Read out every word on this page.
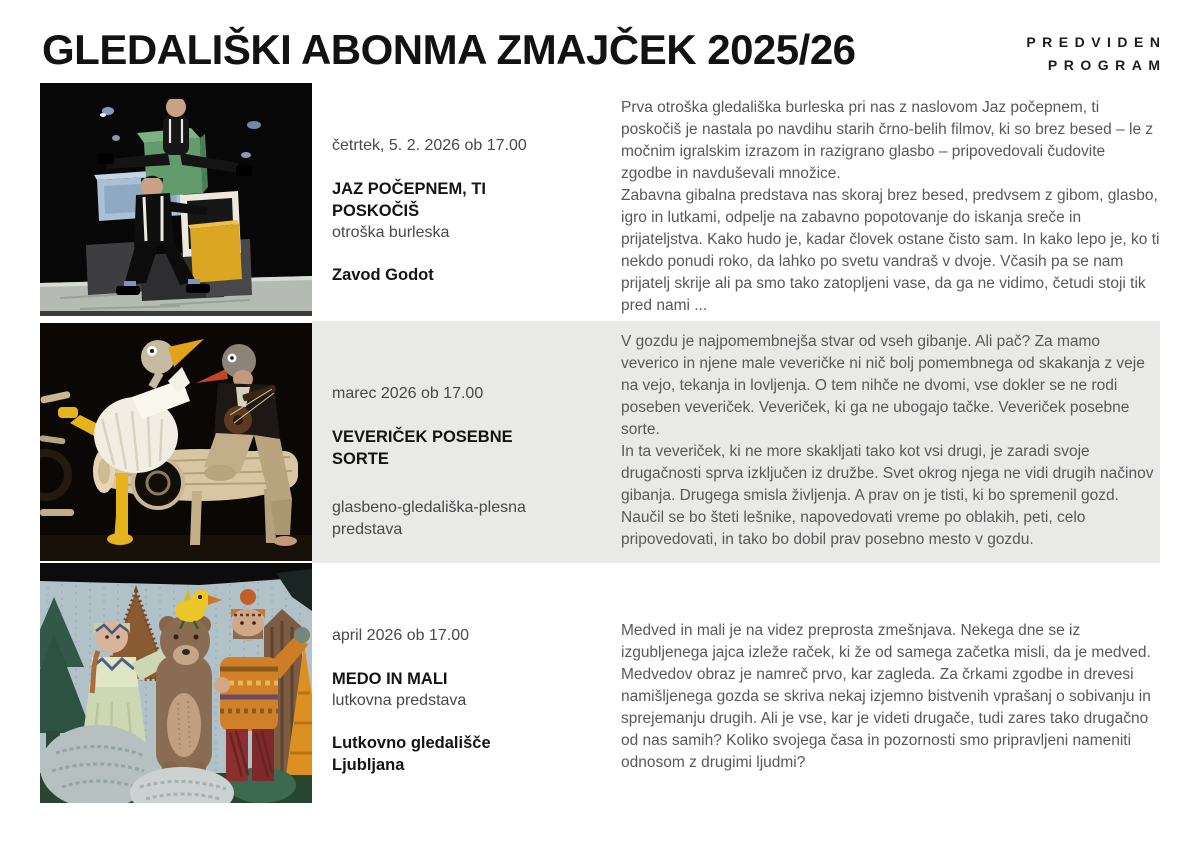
GLEDALIŠKI ABONMA ZMAJČEK 2025/26	PREDVIDEN
PROGRAM
četrtek, 5. 2. 2026 ob 17.00
JAZ POČEPNEM, TI POSKOČIŠ
otroška burleska
Zavod Godot

Prva otroška gledališka burleska pri nas z naslovom Jaz počepnem, ti poskočiš je nastala po navdihu starih črno-belih filmov, ki so brez besed – le z močnim igralskim izrazom in razigrano glasbo – pripovedovali čudovite zgodbe in navduševali množice.

Zabavna gibalna predstava nas skoraj brez besed, predvsem z gibom, glasbo, igro in lutkami, odpelje na zabavno popotovanje do iskanja sreče in prijateljstva. Kako hudo je, kadar človek ostane čisto sam. In kako lepo je, ko ti nekdo ponudi roko, da lahko po svetu vandraš v dvoje. Včasih pa se nam prijatelj skrije ali pa smo tako zatopljeni vase, da ga ne vidimo, četudi stoji tik pred nami ...

marec 2026 ob 17.00
VEVERIČEK POSEBNE SORTE
glasbeno-gledališka-plesna predstava

V gozdu je najpomembnejša stvar od vseh gibanje. Ali pač? Za mamo veverico in njene male veveričke ni nič bolj pomembnega od skakanja z veje na vejo, tekanja in lovljenja. O tem nihče ne dvomi, vse dokler se ne rodi poseben veveriček. Veveriček, ki ga ne ubogajo tačke. Veveriček posebne sorte.

In ta veveriček, ki ne more skakljati tako kot vsi drugi, je zaradi svoje drugačnosti sprva izključen iz družbe. Svet okrog njega ne vidi drugih načinov gibanja. Drugega smisla življenja. A prav on je tisti, ki bo spremenil gozd. Naučil se bo šteti lešnike, napovedovati vreme po oblakih, peti, celo pripovedovati, in tako bo dobil prav posebno mesto v gozdu.

april 2026 ob 17.00
MEDO IN MALI
lutkovna predstava
Lutkovno gledališče Ljubljana

Medved in mali je na videz preprosta zmešnjava. Nekega dne se iz izgubljenega jajca izleže raček, ki že od samega začetka misli, da je medved. Medvedov obraz je namreč prvo, kar zagleda. Za črkami zgodbe in drevesi namišljenega gozda se skriva nekaj izjemno bistvenih vprašanj o sobivanju in sprejemanju drugih. Ali je vse, kar je videti drugače, tudi zares tako drugačno od nas samih? Koliko svojega časa in pozornosti smo pripravljeni nameniti odnosom z drugimi ljudmi?
